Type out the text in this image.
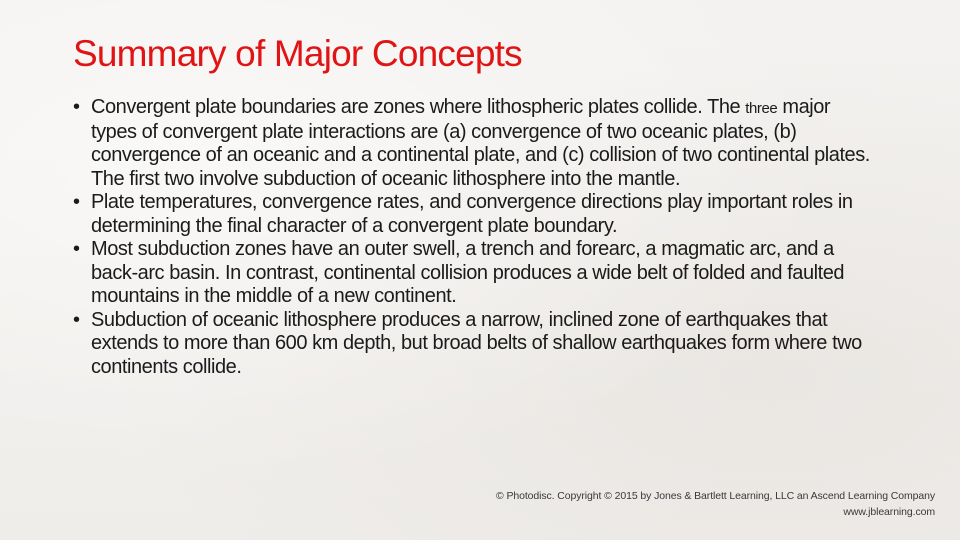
Summary of Major Concepts
• Convergent plate boundaries are zones where lithospheric plates collide. The three major types of convergent plate interactions are (a) convergence of two oceanic plates, (b) convergence of an oceanic and a continental plate, and (c) collision of two continental plates. The first two involve subduction of oceanic lithosphere into the mantle.
• Plate temperatures, convergence rates, and convergence directions play important roles in determining the final character of a convergent plate boundary.
• Most subduction zones have an outer swell, a trench and forearc, a magmatic arc, and a back-arc basin. In contrast, continental collision produces a wide belt of folded and faulted mountains in the middle of a new continent.
• Subduction of oceanic lithosphere produces a narrow, inclined zone of earthquakes that extends to more than 600 km depth, but broad belts of shallow earthquakes form where two continents collide.
© Photodisc. Copyright © 2015 by Jones & Bartlett Learning, LLC an Ascend Learning Company
www.jblearning.com
